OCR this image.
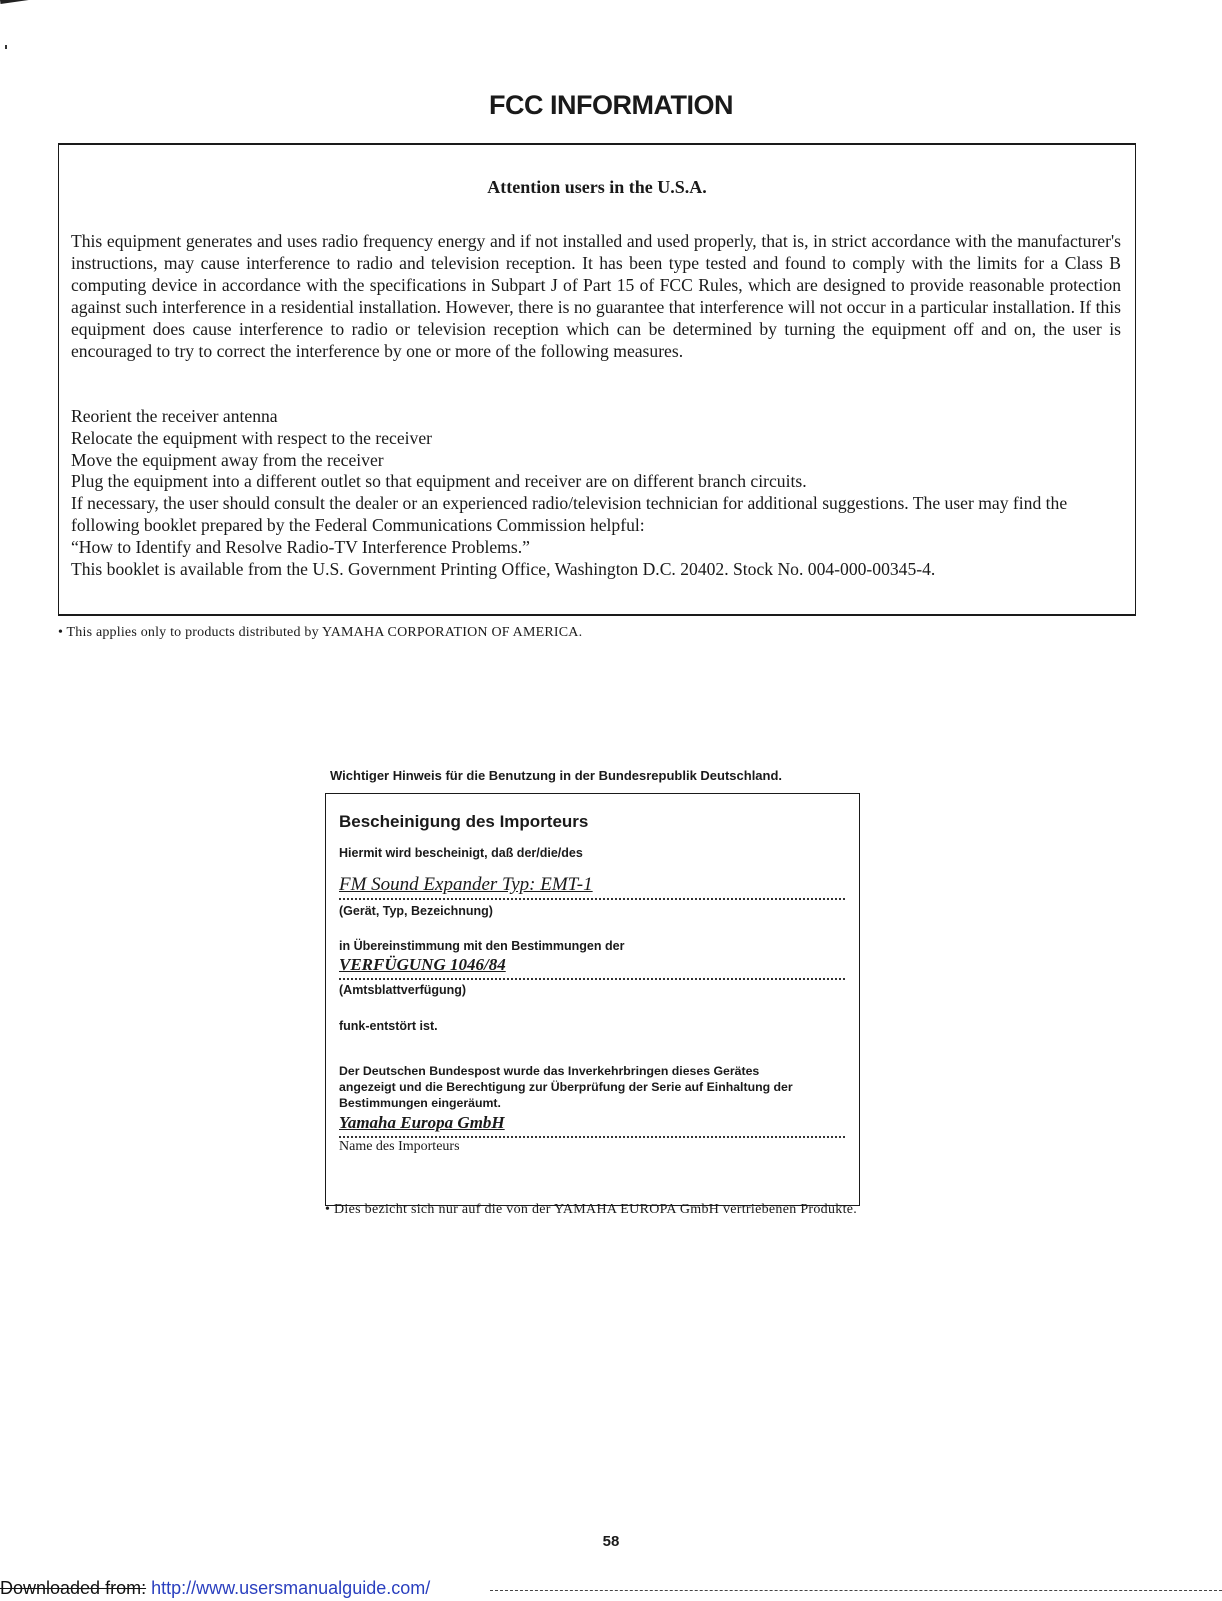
FCC INFORMATION
Attention users in the U.S.A.
This equipment generates and uses radio frequency energy and if not installed and used properly, that is, in strict accordance with the manufacturer's instructions, may cause interference to radio and television reception. It has been type tested and found to comply with the limits for a Class B computing device in accordance with the specifications in Subpart J of Part 15 of FCC Rules, which are designed to provide reasonable protection against such interference in a residential installation. However, there is no guarantee that interference will not occur in a particular installation. If this equipment does cause interference to radio or television reception which can be determined by turning the equipment off and on, the user is encouraged to try to correct the interference by one or more of the following measures.
Reorient the receiver antenna
Relocate the equipment with respect to the receiver
Move the equipment away from the receiver
Plug the equipment into a different outlet so that equipment and receiver are on different branch circuits.
If necessary, the user should consult the dealer or an experienced radio/television technician for additional suggestions. The user may find the following booklet prepared by the Federal Communications Commission helpful:
“How to Identify and Resolve Radio-TV Interference Problems.”
This booklet is available from the U.S. Government Printing Office, Washington D.C. 20402. Stock No. 004-000-00345-4.
• This applies only to products distributed by YAMAHA CORPORATION OF AMERICA.
Wichtiger Hinweis für die Benutzung in der Bundesrepublik Deutschland.
Bescheinigung des Importeurs
Hiermit wird bescheinigt, daß der/die/des
FM Sound Expander Typ: EMT-1
(Gerät, Typ, Bezeichnung)
in Übereinstimmung mit den Bestimmungen der
VERFÜGUNG 1046/84
(Amtsblattverfügung)
funk-entstört ist.
Der Deutschen Bundespost wurde das Inverkehrbringen dieses Gerätes angezeigt und die Berechtigung zur Überprüfung der Serie auf Einhaltung der Bestimmungen eingeräumt.
Yamaha Europa GmbH
Name des Importeurs
• Dies bezicht sich nur auf die von der YAMAHA EUROPA GmbH vertriebenen Produkte.
58
Downloaded from: http://www.usersmanualguide.com/
